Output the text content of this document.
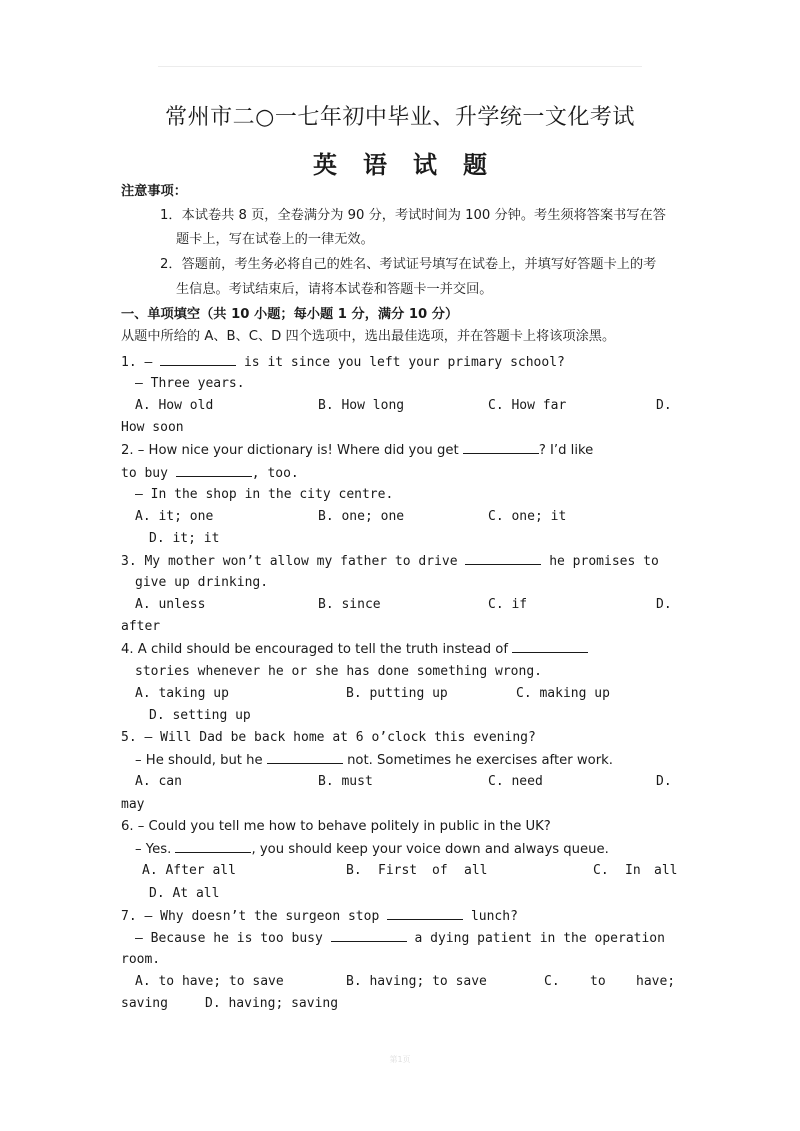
常州市二○一七年初中毕业、升学统一文化考试
英语试题
注意事项：
1．本试卷共 8 页，全卷满分为 90 分，考试时间为 100 分钟。考生须将答案书写在答
题卡上，写在试卷上的一律无效。
2．答题前，考生务必将自己的姓名、考试证号填写在试卷上，并填写好答题卡上的考
生信息。考试结束后，请将本试卷和答题卡一并交回。
一、单项填空（共 10 小题；每小题 1 分，满分 10 分）
从题中所给的 A、B、C、D 四个选项中，选出最佳选项，并在答题卡上将该项涂黑。
1. –	is it since you left your primary school?
– Three years.
A. How old	B. How long	C. How far	D.
How soon
2. – How nice your dictionary is! Where did you get	? I’d like
to buy	, too.
– In the shop in the city centre.
A. it; one	B. one; one	C. one; it
D. it; it
3. My mother won’t allow my father to drive	he promises to
give up drinking.
A. unless	B. since	C. if	D.
after
4. A child should be encouraged to tell the truth instead of
stories whenever he or she has done something wrong.
A. taking up	B. putting up	C. making up
D. setting up
5. – Will Dad be back home at 6 o’clock this evening?
– He should, but he	not. Sometimes he exercises after work.
A. can	B. must	C. need	D.
may
6. – Could you tell me how to behave politely in public in the UK?
– Yes.	, you should keep your voice down and always queue.
A. After all	B. First of all	C. In all
D. At all
7. – Why doesn’t the surgeon stop	lunch?
– Because he is too busy	a dying patient in the operation
room.
A. to have; to save	B. having; to save	C. to have;
saving	D. having; saving
第1页
